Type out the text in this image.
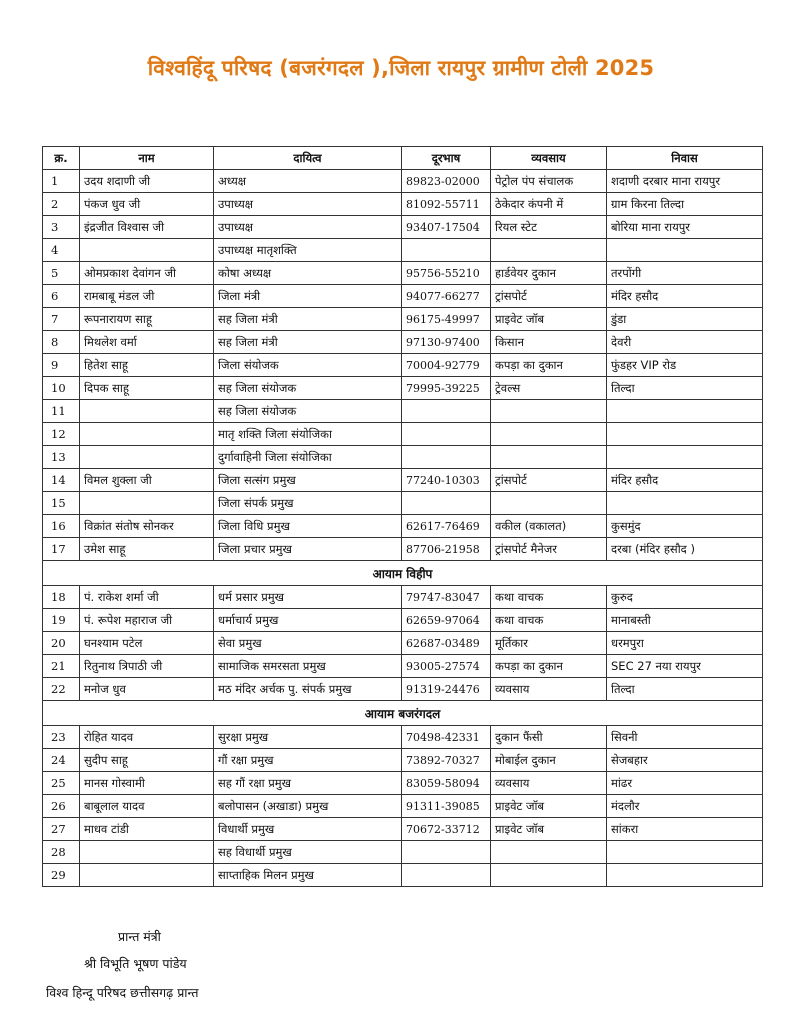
विश्वहिंदू परिषद (बजरंगदल ),जिला रायपुर ग्रामीण टोली 2025
क्र.	नाम	दायित्व	दूरभाष	व्यवसाय	निवास
1	उदय शदाणी जी	अध्यक्ष	89823-02000	पेट्रोल पंप संचालक	शदाणी दरबार माना रायपुर
2	पंकज धुव जी	उपाध्यक्ष	81092-55711	ठेकेदार कंपनी में	ग्राम किरना तिल्दा
3	इंद्रजीत विश्वास जी	उपाध्यक्ष	93407-17504	रियल स्टेट	बोरिया माना रायपुर
4		उपाध्यक्ष मातृशक्ति			
5	ओमप्रकाश देवांगन जी	कोषा अध्यक्ष	95756-55210	हार्डवेयर दुकान	तरपोंगी
6	रामबाबू मंडल जी	जिला मंत्री	94077-66277	ट्रांसपोर्ट	मंदिर हसौद
7	रूपनारायण साहू	सह जिला मंत्री	96175-49997	प्राइवेट जॉब	डुंडा
8	मिथलेश वर्मा	सह जिला मंत्री	97130-97400	किसान	देवरी
9	हितेश साहू	जिला संयोजक	70004-92779	कपड़ा का दुकान	फुंडहर VIP रोड
10	दिपक साहू	सह जिला संयोजक	79995-39225	ट्रेवल्स	तिल्दा
11		सह जिला संयोजक			
12		मातृ शक्ति जिला संयोजिका			
13		दुर्गावाहिनी जिला संयोजिका			
14	विमल शुक्ला जी	जिला सत्संग प्रमुख	77240-10303	ट्रांसपोर्ट	मंदिर हसौद
15		जिला संपर्क प्रमुख			
16	विक्रांत संतोष सोनकर	जिला विधि प्रमुख	62617-76469	वकील (वकालत)	कुसमुंद
17	उमेश साहू	जिला प्रचार प्रमुख	87706-21958	ट्रांसपोर्ट मैनेजर	दरबा (मंदिर हसौद )
आयाम विहीप					
18	पं. राकेश शर्मा जी	धर्म प्रसार प्रमुख	79747-83047	कथा वाचक	कुरुद
19	पं. रूपेश महाराज जी	धर्माचार्य प्रमुख	62659-97064	कथा वाचक	मानाबस्ती
20	घनश्याम पटेल	सेवा प्रमुख	62687-03489	मूर्तिकार	धरमपुरा
21	रितुनाथ त्रिपाठी जी	सामाजिक समरसता प्रमुख	93005-27574	कपड़ा का दुकान	SEC 27 नया रायपुर
22	मनोज धुव	मठ मंदिर अर्चक पु. संपर्क प्रमुख	91319-24476	व्यवसाय	तिल्दा
आयाम बजरंगदल					
23	रोहित यादव	सुरक्षा प्रमुख	70498-42331	दुकान फैंसी	सिवनी
24	सुदीप साहू	गौं रक्षा प्रमुख	73892-70327	मोबाईल दुकान	सेजबहार
25	मानस गोस्वामी	सह गौं रक्षा प्रमुख	83059-58094	व्यवसाय	मांढर
26	बाबूलाल यादव	बलोपासन (अखाडा) प्रमुख	91311-39085	प्राइवेट जॉब	मंदलौर
27	माधव टांडी	विधार्थी प्रमुख	70672-33712	प्राइवेट जॉब	सांकरा
28		सह विधार्थी प्रमुख			
29		साप्ताहिक मिलन प्रमुख			
प्रान्त मंत्री
श्री विभूति भूषण पांडेय
विश्व हिन्दू परिषद छत्तीसगढ़ प्रान्त
